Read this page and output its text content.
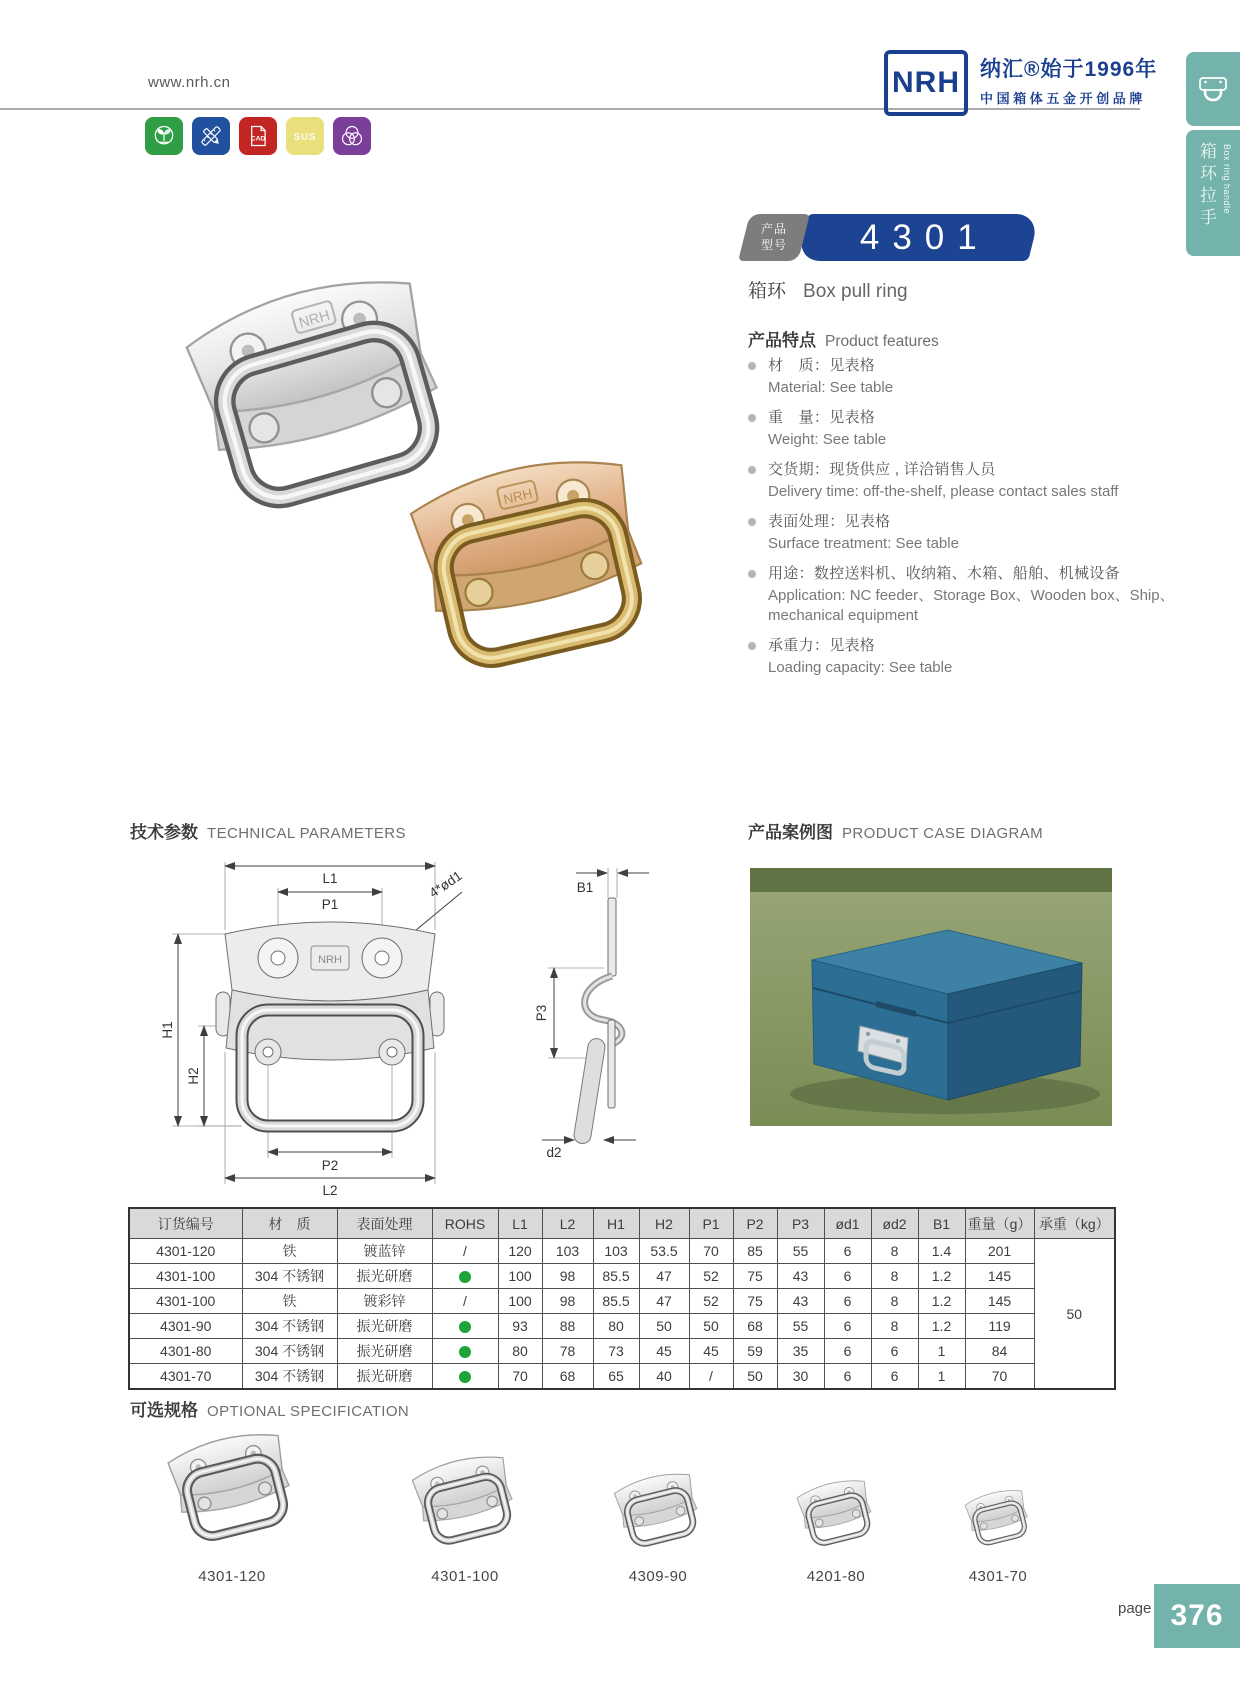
www.nrh.cn	NRH 纳汇®始于1996年
中国箱体五金开创品牌
箱环拉手 Box ring handle
CAD SUS
NRH
NRH
产品
型号	4301
箱环 Box pull ring
产品特点 Product features
材　质：见表格
Material: See table
重　量：见表格
Weight: See table
交货期：现货供应 , 详洽销售人员
Delivery time: off-the-shelf, please contact sales staff
表面处理：见表格
Surface treatment: See table
用途：数控送料机、收纳箱、木箱、船舶、机械设备
Application: NC feeder、Storage Box、Wooden box、Ship、mechanical equipment
承重力：见表格
Loading capacity: See table
技术参数 TECHNICAL PARAMETERS	产品案例图 PRODUCT CASE DIAGRAM
NRH
L1
P1
H1
H2
P2
L2
4*ød1	B1
P3
d2
订货编号	材　质	表面处理	ROHS	L1	L2	H1	H2	P1	P2	P3	ød1	ød2	B1	重量（g）	承重（kg）
4301-120	铁	镀蓝锌	/	120	103	103	53.5	70	85	55	6	8	1.4	201	50
4301-100	304 不锈钢	振光研磨		100	98	85.5	47	52	75	43	6	8	1.2	145	
4301-100	铁	镀彩锌	/	100	98	85.5	47	52	75	43	6	8	1.2	145	
4301-90	304 不锈钢	振光研磨		93	88	80	50	50	68	55	6	8	1.2	119	
4301-80	304 不锈钢	振光研磨		80	78	73	45	45	59	35	6	6	1	84	
4301-70	304 不锈钢	振光研磨		70	68	65	40	/	50	30	6	6	1	70	
可选规格 OPTIONAL SPECIFICATION
4301-120	4301-100	4309-90	4201-80	4301-70
page 376
